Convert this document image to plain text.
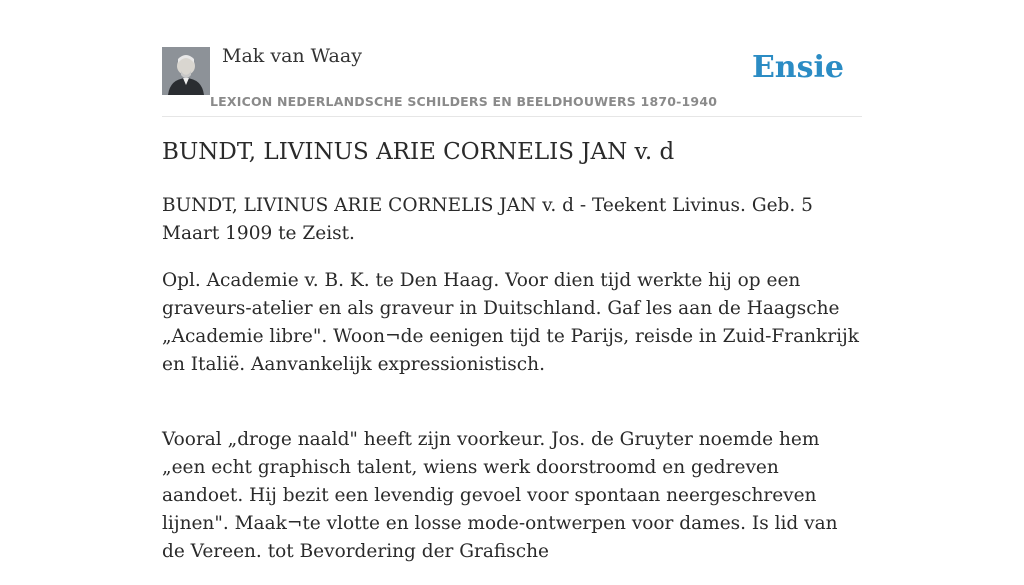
Mak van Waay
LEXICON NEDERLANDSCHE SCHILDERS EN BEELDHOUWERS 1870-1940
Ensie
BUNDT, LIVINUS ARIE CORNELIS JAN v. d

BUNDT, LIVINUS ARIE CORNELIS JAN v. d - Teekent Livinus. Geb. 5 Maart 1909 te Zeist.

Opl. Academie v. B. K. te Den Haag. Voor dien tijd werkte hij op een graveurs-atelier en als graveur in Duitschland. Gaf les aan de Haagsche „Academie libre". Woon¬de eenigen tijd te Parijs, reisde in Zuid-Frankrijk en Italië. Aanvankelijk expressionistisch.

Vooral „droge naald" heeft zijn voorkeur. Jos. de Gruyter noemde hem „een echt graphisch talent, wiens werk doorstroomd en gedreven aandoet. Hij bezit een levendig gevoel voor spontaan neergeschreven lijnen". Maak¬te vlotte en losse mode-ontwerpen voor dames. Is lid van de Vereen. tot Bevordering der Grafische
